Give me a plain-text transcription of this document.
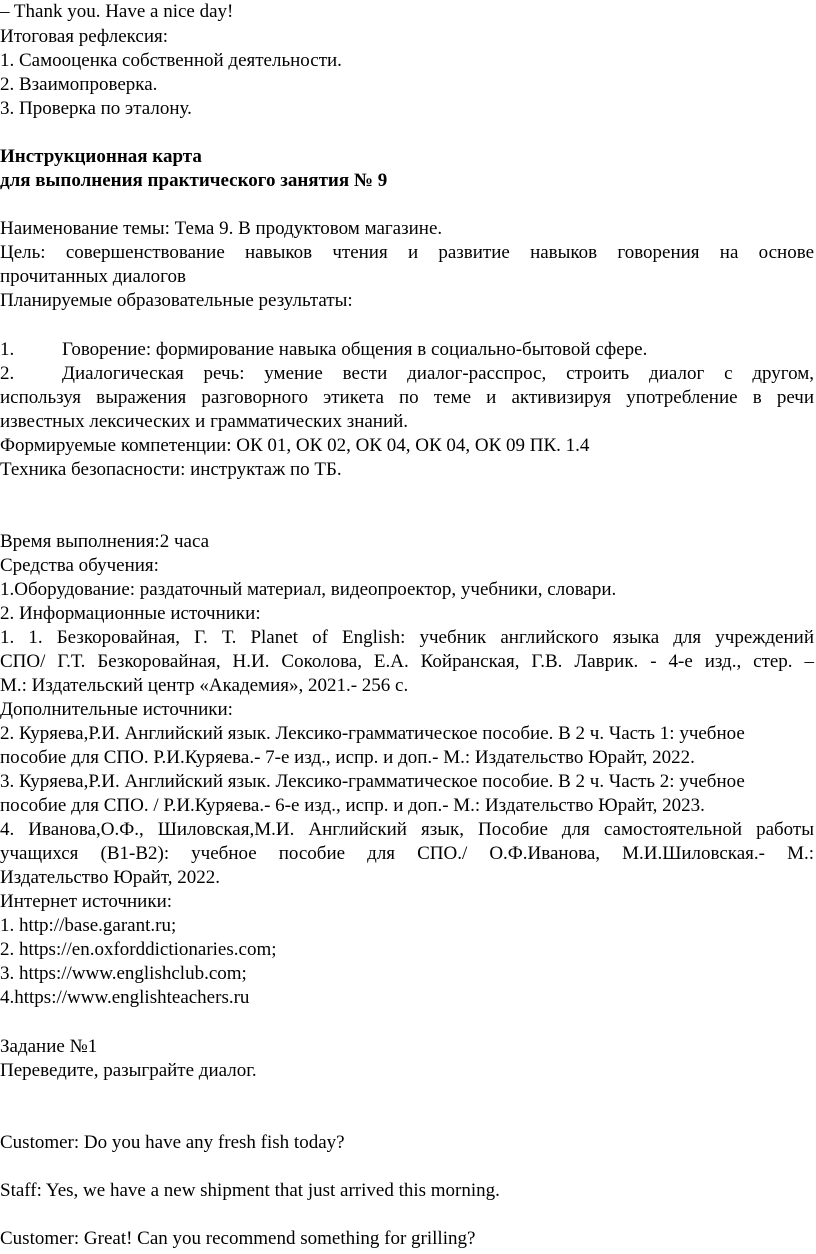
– Thank you. Have a nice day!
Итоговая рефлексия:
1. Самооценка собственной деятельности.
2. Взаимопроверка.
3. Проверка по эталону.
Инструкционная карта
для выполнения практического занятия № 9
Наименование темы: Тема 9. В продуктовом магазине.
Цель: совершенствование навыков чтения и развитие навыков говорения на основе
прочитанных диалогов
Планируемые образовательные результаты:
1.	Говорение: формирование навыка общения в социально-бытовой сфере.
2.	Диалогическая речь: умение вести диалог-расспрос, строить диалог с другом,
используя выражения разговорного этикета по теме и активизируя употребление в речи
известных лексических и грамматических знаний.
Формируемые компетенции: ОК 01, ОК 02, ОК 04, ОК 04, ОК 09 ПК. 1.4
Техника безопасности: инструктаж по ТБ.
Время выполнения:2 часа
Средства обучения:
1.Оборудование: раздаточный материал, видеопроектор, учебники, словари.
2. Информационные источники:
1. 1. Безкоровайная, Г. Т. Planet of English: учебник английского языка для учреждений
СПО/ Г.Т. Безкоровайная, Н.И. Соколова, Е.А. Койранская, Г.В. Лаврик. - 4-е изд., стер. –
М.: Издательский центр «Академия», 2021.- 256 с.
Дополнительные источники:
2. Куряева,Р.И. Английский язык. Лексико-грамматическое пособие. В 2 ч. Часть 1: учебное
пособие для СПО. Р.И.Куряева.- 7-е изд., испр. и доп.- М.: Издательство Юрайт, 2022.
3. Куряева,Р.И. Английский язык. Лексико-грамматическое пособие. В 2 ч. Часть 2: учебное
пособие для СПО. / Р.И.Куряева.- 6-е изд., испр. и доп.- М.: Издательство Юрайт, 2023.
4. Иванова,О.Ф., Шиловская,М.И. Английский язык, Пособие для самостоятельной работы
учащихся (В1-В2): учебное пособие для СПО./ О.Ф.Иванова, М.И.Шиловская.- М.:
Издательство Юрайт, 2022.
Интернет источники:
1. http://base.garant.ru;
2. https://en.oxforddictionaries.com;
3. https://www.englishclub.com;
4.https://www.englishteachers.ru
Задание №1
Переведите, разыграйте диалог.
Customer: Do you have any fresh fish today?
Staff: Yes, we have a new shipment that just arrived this morning.
Customer: Great! Can you recommend something for grilling?
